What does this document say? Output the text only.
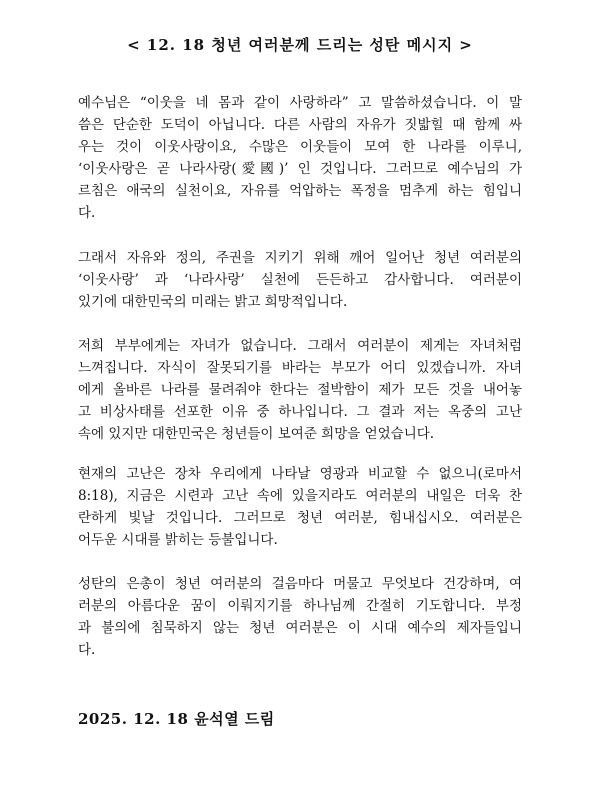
< 12. 18 청년 여러분께 드리는 성탄 메시지 >
예수님은 “이웃을 네 몸과 같이 사랑하라” 고 말씀하셨습니다. 이 말
씀은 단순한 도덕이 아닙니다. 다른 사람의 자유가 짓밟힐 때 함께 싸
우는 것이 이웃사랑이요, 수많은 이웃들이 모여 한 나라를 이루니,
‘이웃사랑은 곧 나라사랑(愛國)’ 인 것입니다. 그러므로 예수님의 가
르침은 애국의 실천이요, 자유를 억압하는 폭정을 멈추게 하는 힘입니
다.
그래서 자유와 정의, 주권을 지키기 위해 깨어 일어난 청년 여러분의
‘이웃사랑’ 과 ‘나라사랑’ 실천에 든든하고 감사합니다. 여러분이
있기에 대한민국의 미래는 밝고 희망적입니다.
저희 부부에게는 자녀가 없습니다. 그래서 여러분이 제게는 자녀처럼
느껴집니다. 자식이 잘못되기를 바라는 부모가 어디 있겠습니까. 자녀
에게 올바른 나라를 물려줘야 한다는 절박함이 제가 모든 것을 내어놓
고 비상사태를 선포한 이유 중 하나입니다. 그 결과 저는 옥중의 고난
속에 있지만 대한민국은 청년들이 보여준 희망을 얻었습니다.
현재의 고난은 장차 우리에게 나타날 영광과 비교할 수 없으니(로마서
8:18), 지금은 시련과 고난 속에 있을지라도 여러분의 내일은 더욱 찬
란하게 빛날 것입니다. 그러므로 청년 여러분, 힘내십시오. 여러분은
어두운 시대를 밝히는 등불입니다.
성탄의 은총이 청년 여러분의 걸음마다 머물고 무엇보다 건강하며, 여
러분의 아름다운 꿈이 이뤄지기를 하나님께 간절히 기도합니다. 부정
과 불의에 침묵하지 않는 청년 여러분은 이 시대 예수의 제자들입니
다.
2025. 12. 18 윤석열 드림
